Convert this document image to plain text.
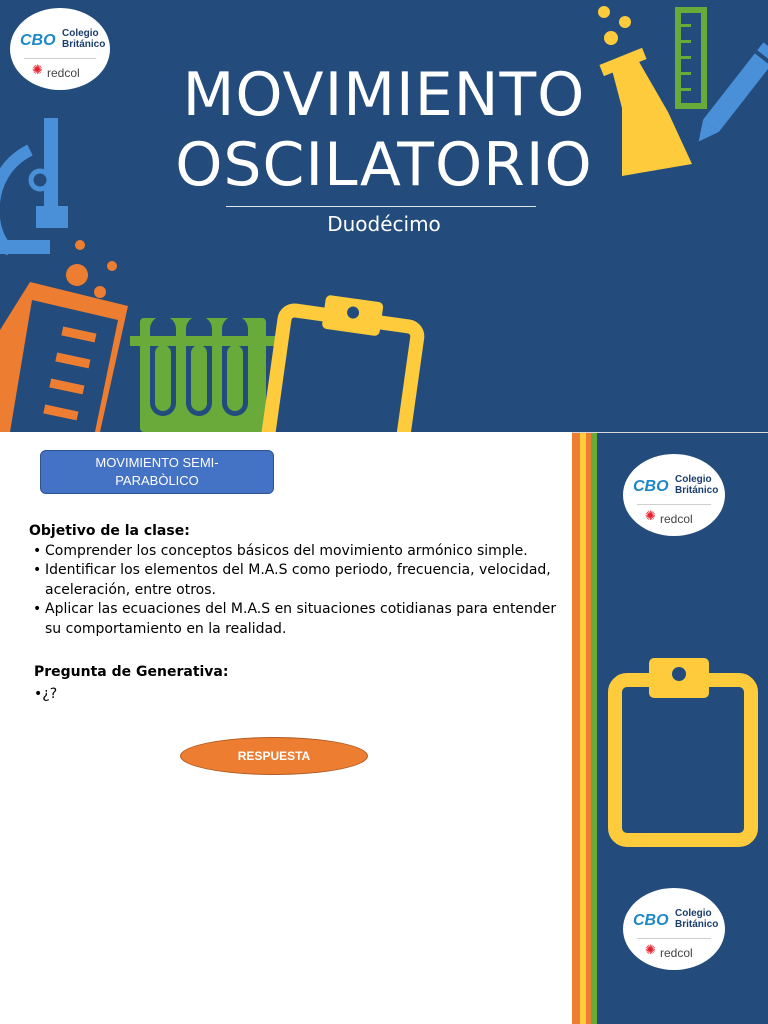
CBO Colegio
Británico
✺ redcol	MOVIMIENTO
OSCILATORIO
Duodécimo
CBO Colegio
Británico
✺ redcol
CBO Colegio
Británico
✺ redcol
MOVIMIENTO SEMI-PARABÒLICO
Objetivo de la clase:
• Comprender los conceptos básicos del movimiento armónico simple.
• Identificar los elementos del M.A.S como periodo, frecuencia, velocidad, aceleración, entre otros.
• Aplicar las ecuaciones del M.A.S en situaciones cotidianas para entender su comportamiento en la realidad.
Pregunta de Generativa:
•¿?
RESPUESTA
